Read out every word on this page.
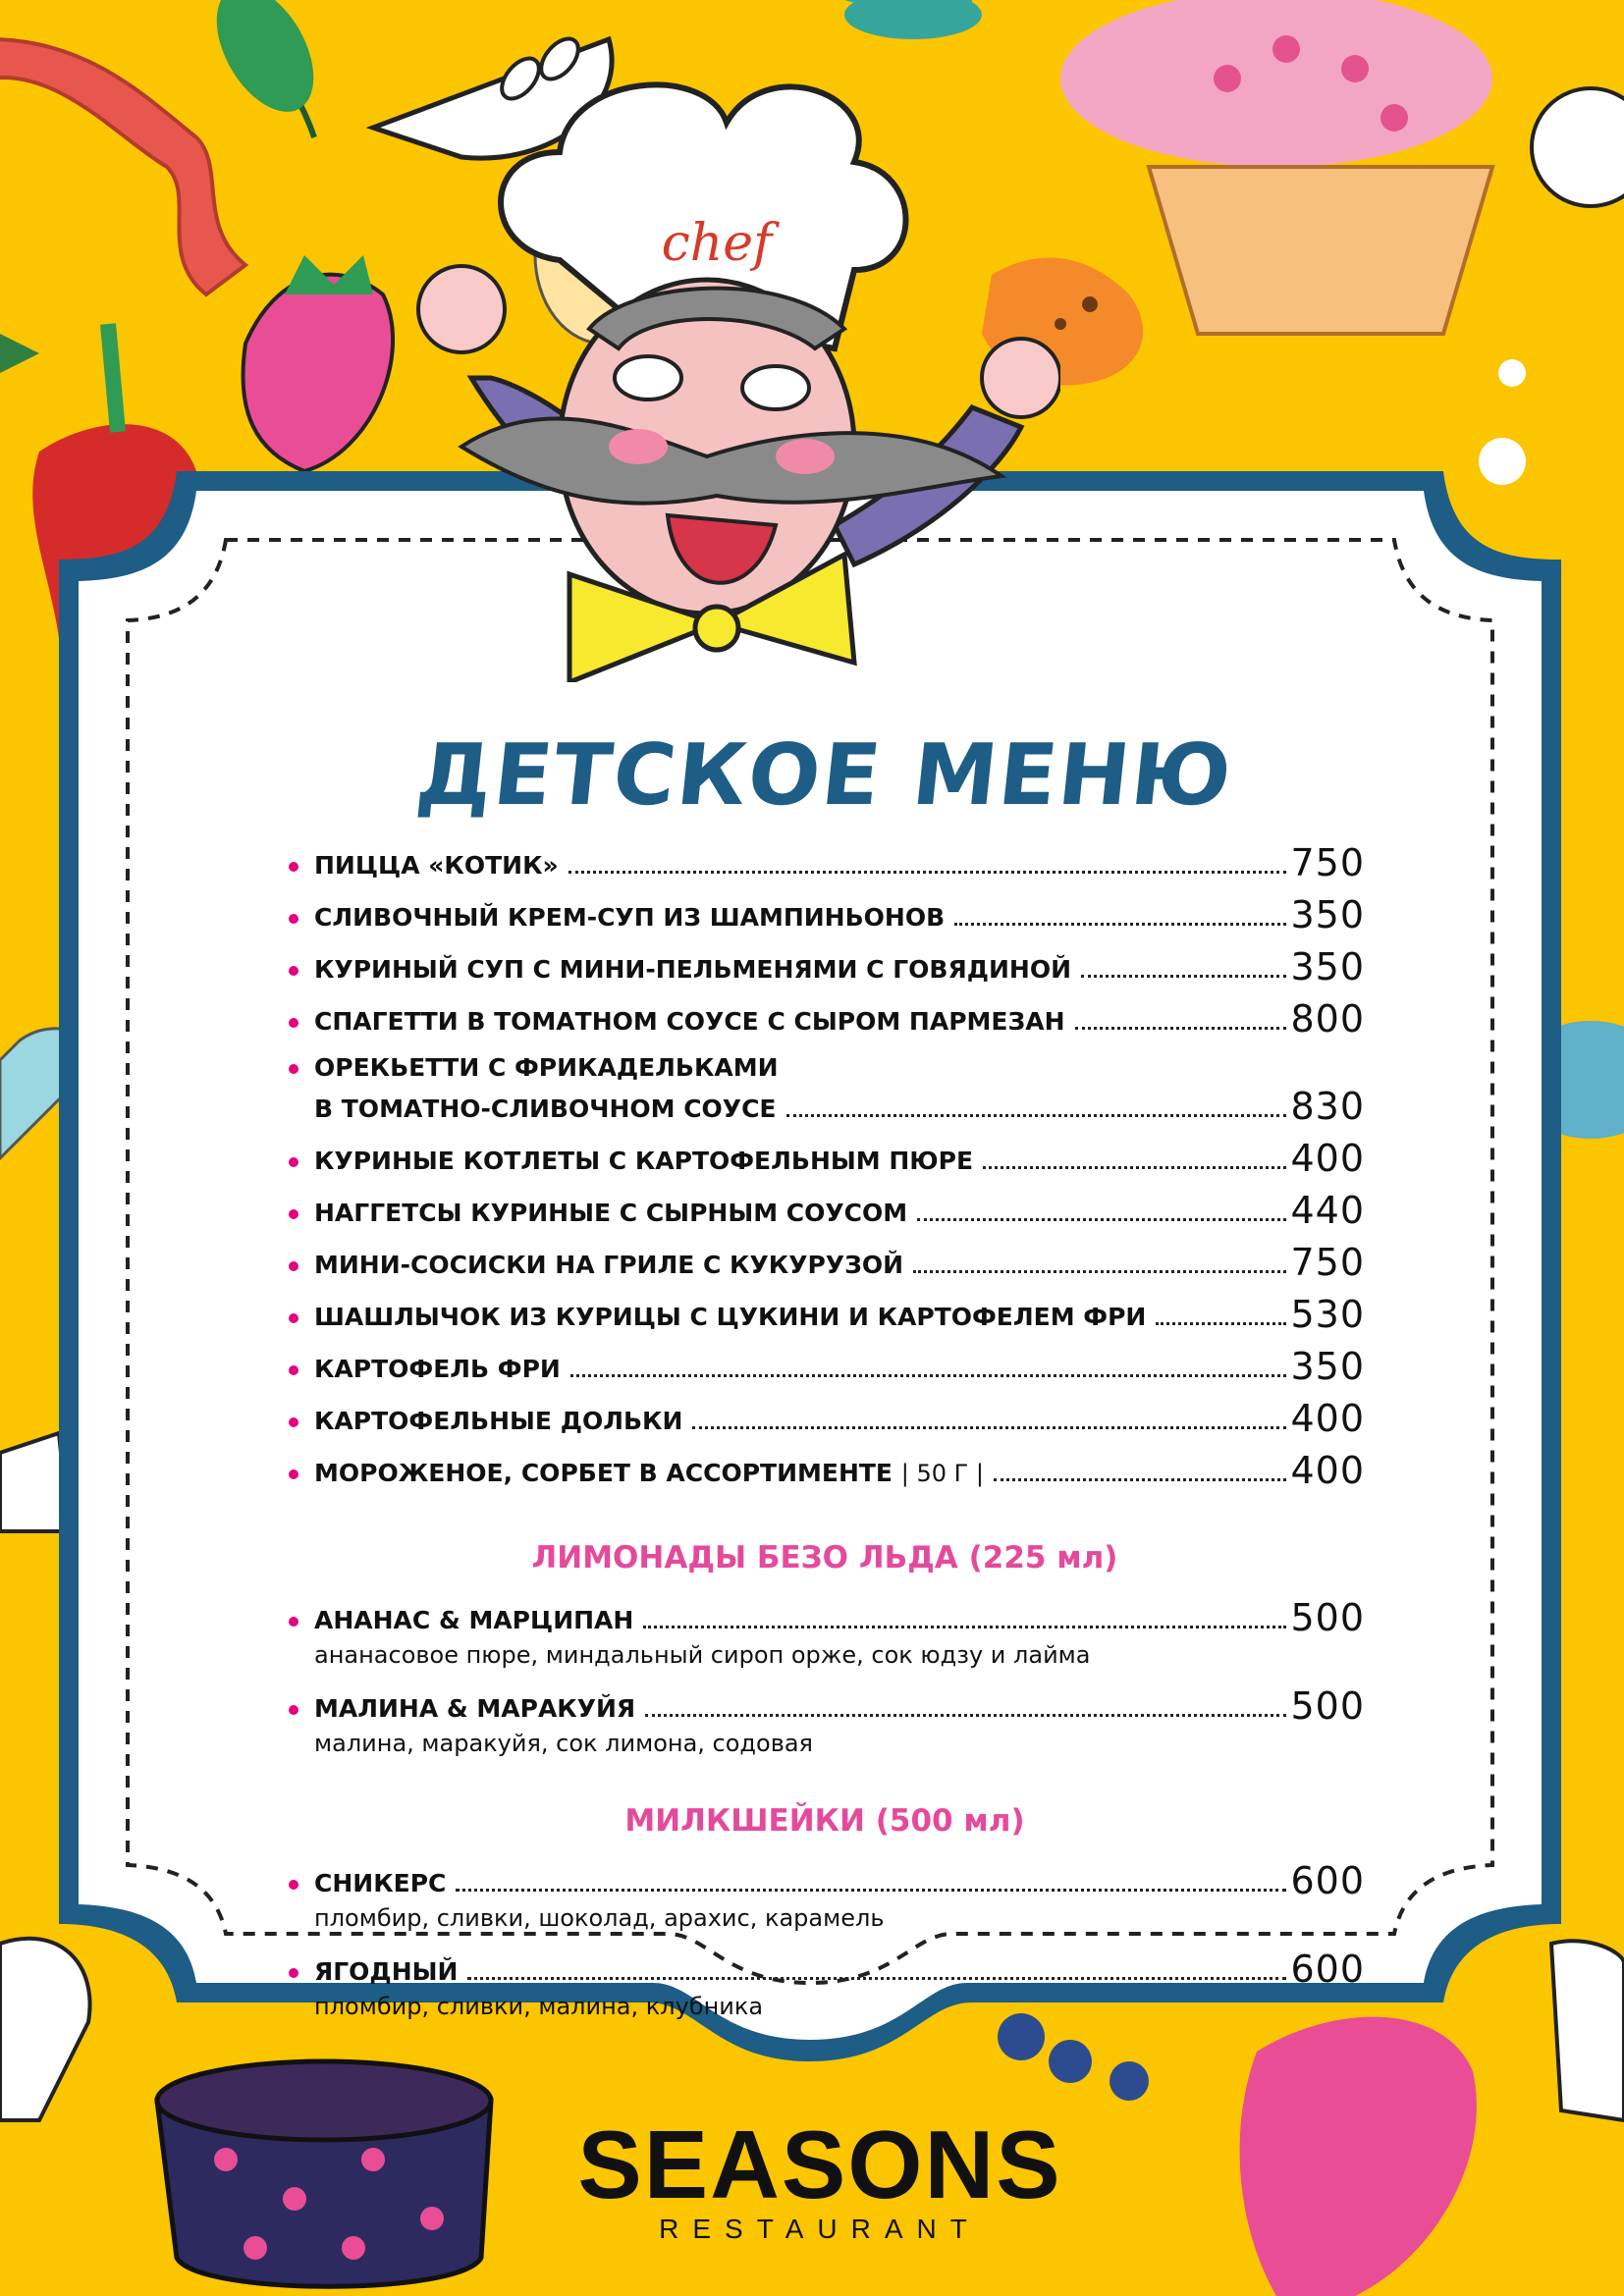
chef
ДЕТСКОЕ МЕНЮ
ПИЦЦА «КОТИК»	750
СЛИВОЧНЫЙ КРЕМ-СУП ИЗ ШАМПИНЬОНОВ	350
КУРИНЫЙ СУП С МИНИ-ПЕЛЬМЕНЯМИ С ГОВЯДИНОЙ	350
СПАГЕТТИ В ТОМАТНОМ СОУСЕ С СЫРОМ ПАРМЕЗАН	800
ОРЕКЬЕТТИ С ФРИКАДЕЛЬКАМИ
В ТОМАТНО-СЛИВОЧНОМ СОУСЕ	830
КУРИНЫЕ КОТЛЕТЫ С КАРТОФЕЛЬНЫМ ПЮРЕ	400
НАГГЕТСЫ КУРИНЫЕ С СЫРНЫМ СОУСОМ	440
МИНИ-СОСИСКИ НА ГРИЛЕ С КУКУРУЗОЙ	750
ШАШЛЫЧОК ИЗ КУРИЦЫ С ЦУКИНИ И КАРТОФЕЛЕМ ФРИ	530
КАРТОФЕЛЬ ФРИ	350
КАРТОФЕЛЬНЫЕ ДОЛЬКИ	400
МОРОЖЕНОЕ, СОРБЕТ В АССОРТИМЕНТЕ | 50 Г |	400

ЛИМОНАДЫ БЕЗО ЛЬДА (225 мл)

АНАНАС & МАРЦИПАН	500

ананасовое пюре, миндальный сироп орже, сок юдзу и лайма

МАЛИНА & МАРАКУЙЯ	500

малина, маракуйя, сок лимона, содовая

МИЛКШЕЙКИ (500 мл)

СНИКЕРС	600

пломбир, сливки, шоколад, арахис, карамель

ЯГОДНЫЙ	600

пломбир, сливки, малина, клубника

SEASONS
RESTAURANT
